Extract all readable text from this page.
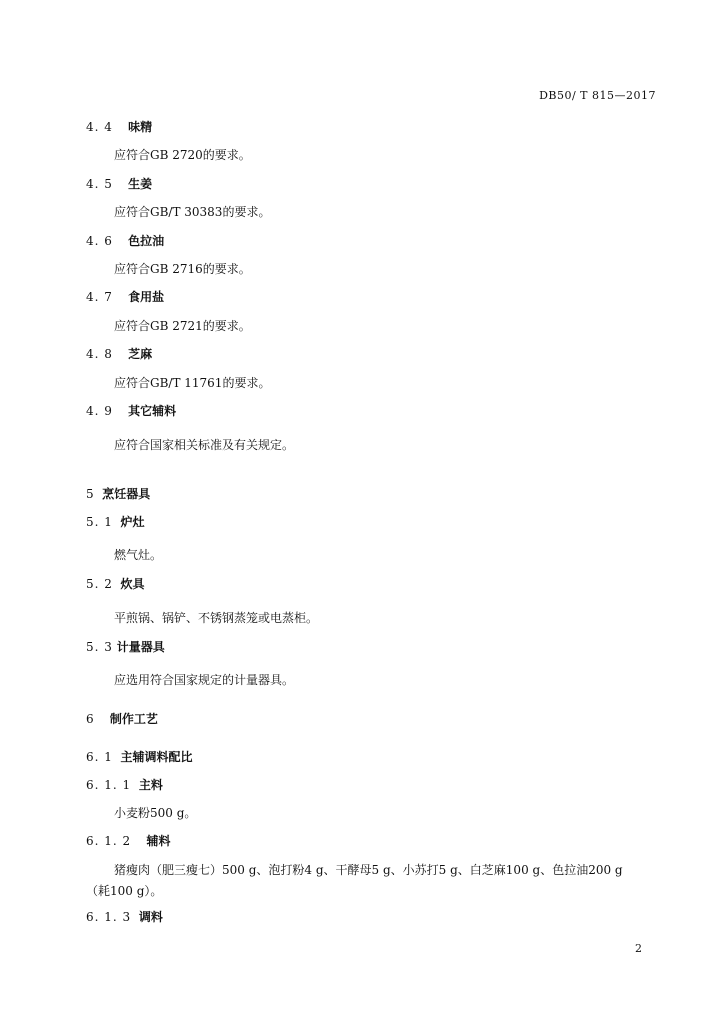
DB50/ T 815—2017
4. 4 味精
应符合GB 2720的要求。
4. 5 生姜
应符合GB/T 30383的要求。
4. 6 色拉油
应符合GB 2716的要求。
4. 7 食用盐
应符合GB 2721的要求。
4. 8 芝麻
应符合GB/T 11761的要求。
4. 9 其它辅料
应符合国家相关标准及有关规定。
5 烹饪器具
5. 1 炉灶
燃气灶。
5. 2 炊具
平煎锅、锅铲、不锈钢蒸笼或电蒸柜。
5. 3 计量器具
应选用符合国家规定的计量器具。
6 制作工艺
6. 1 主辅调料配比
6. 1. 1 主料
小麦粉500 g。
6. 1. 2 辅料
猪瘦肉（肥三瘦七）500 g、泡打粉4 g、干酵母5 g、小苏打5 g、白芝麻100 g、色拉油200 g（耗100 g）。
6. 1. 3 调料
2
